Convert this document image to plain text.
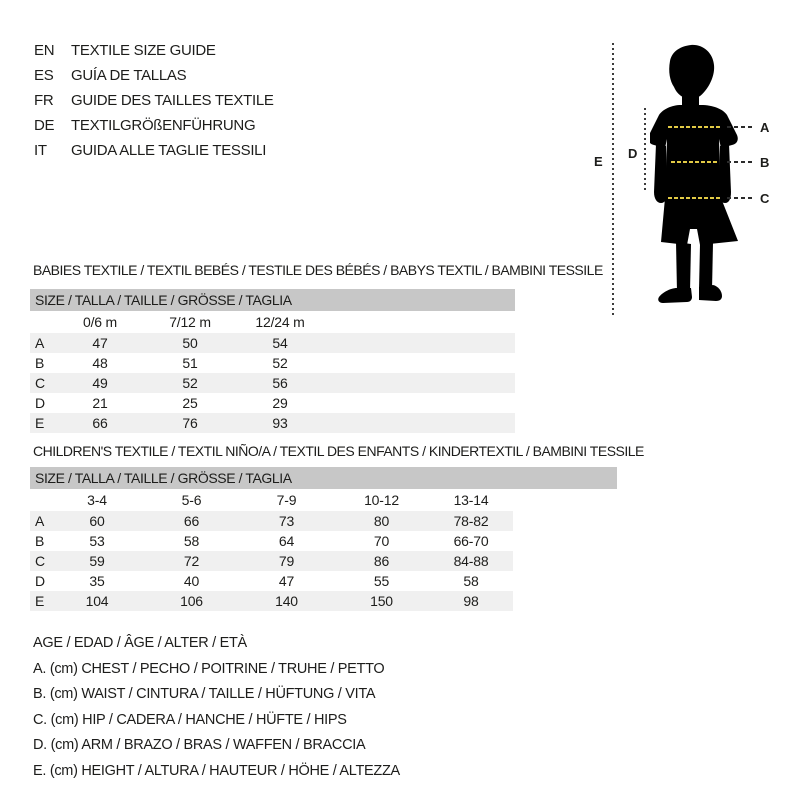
EN	TEXTILE SIZE GUIDE
ES	GUÍA DE TALLAS
FR	GUIDE DES TAILLES TEXTILE
DE	TEXTILGRÖßENFÜHRUNG
IT	GUIDA ALLE TAGLIE TESSILI
A
B
C
D
E
BABIES TEXTILE / TEXTIL BEBÉS / TESTILE DES BÉBÉS / BABYS TEXTIL / BAMBINI TESSILE
SIZE / TALLA / TAILLE / GRÖSSE / TAGLIA
	0/6 m	7/12 m	12/24 m	
A	47	50	54	
B	48	51	52	
C	49	52	56	
D	21	25	29	
E	66	76	93	
CHILDREN'S TEXTILE / TEXTIL NIÑO/A / TEXTIL DES ENFANTS / KINDERTEXTIL / BAMBINI TESSILE
SIZE / TALLA / TAILLE / GRÖSSE / TAGLIA
	3-4	5-6	7-9	10-12	13-14
A	60	66	73	80	78-82
B	53	58	64	70	66-70
C	59	72	79	86	84-88
D	35	40	47	55	58
E	104	106	140	150	98
AGE / EDAD / ÂGE / ALTER / ETÀ
A. (cm) CHEST / PECHO / POITRINE / TRUHE / PETTO
B. (cm) WAIST / CINTURA / TAILLE / HÜFTUNG / VITA
C. (cm) HIP / CADERA / HANCHE / HÜFTE / HIPS
D. (cm) ARM / BRAZO / BRAS / WAFFEN / BRACCIA
E. (cm) HEIGHT / ALTURA / HAUTEUR / HÖHE / ALTEZZA
